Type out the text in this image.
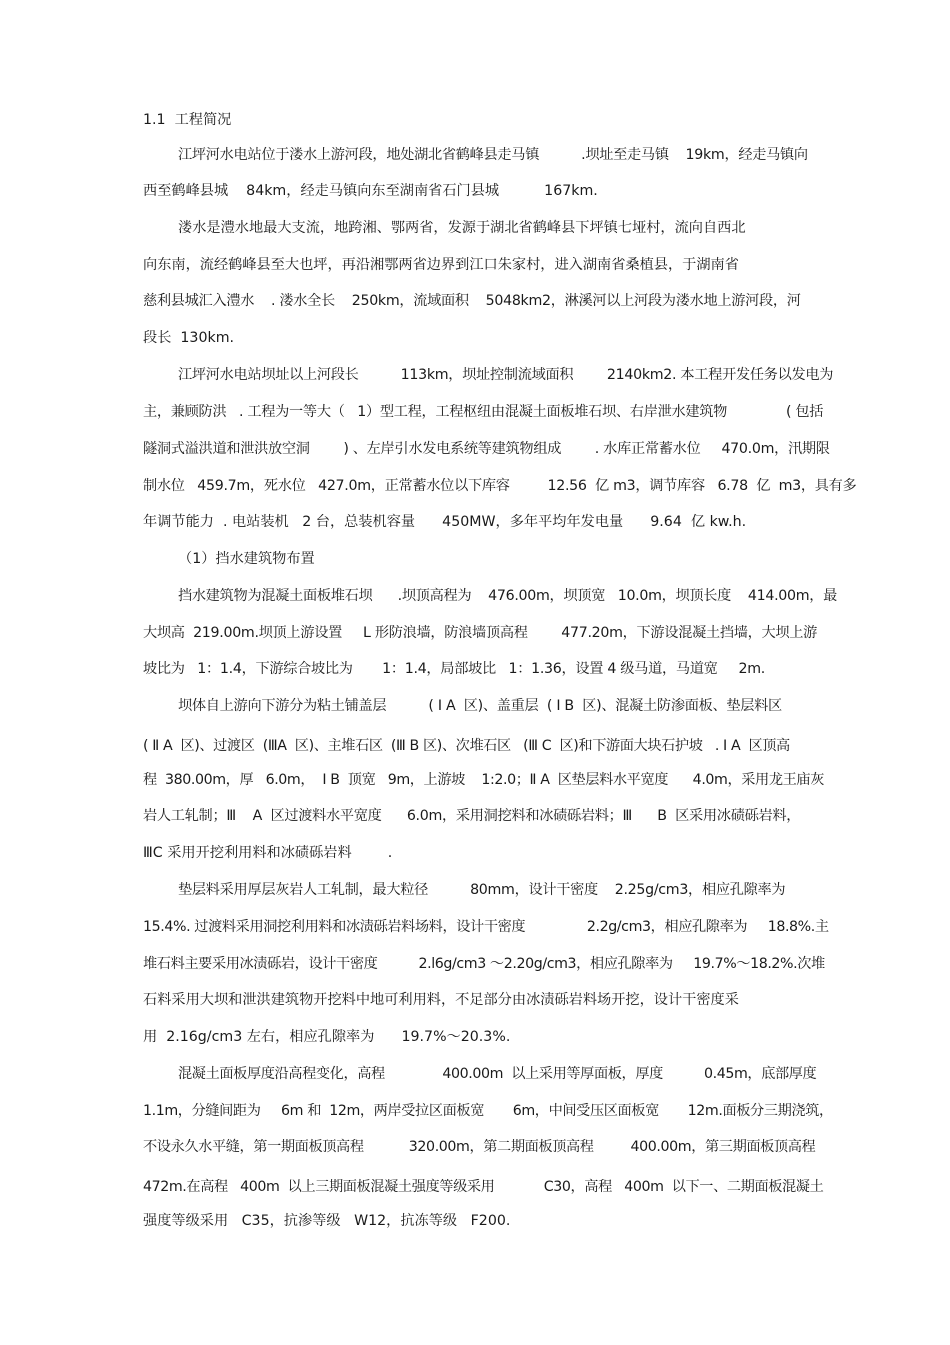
1.1  工程简况
江坪河水电站位于溇水上游河段，地处湖北省鹤峰县走马镇          .坝址至走马镇    19km，经走马镇向
西至鹤峰县城    84km，经走马镇向东至湖南省石门县城          167km.
溇水是澧水地最大支流，地跨湘、鄂两省，发源于湖北省鹤峰县下坪镇七垭村，流向自西北
向东南，流经鹤峰县至大也坪，再沿湘鄂两省边界到江口朱家村，进入湖南省桑植县，于湖南省
慈利县城汇入澧水    . 溇水全长    250km，流域面积    5048km2，淋溪河以上河段为溇水地上游河段，河
段长  130km.
江坪河水电站坝址以上河段长          113km，坝址控制流域面积        2140km2. 本工程开发任务以发电为
主，兼顾防洪   . 工程为一等大（   1）型工程，工程枢纽由混凝土面板堆石坝、右岸泄水建筑物              ( 包括
隧洞式溢洪道和泄洪放空洞        ) 、左岸引水发电系统等建筑物组成        . 水库正常蓄水位     470.0m，汛期限
制水位   459.7m，死水位   427.0m，正常蓄水位以下库容         12.56  亿 m3，调节库容   6.78  亿  m3，具有多
年调节能力  . 电站装机   2 台，总装机容量      450MW，多年平均年发电量      9.64  亿 kw.h.
（1）挡水建筑物布置
挡水建筑物为混凝土面板堆石坝      .坝顶高程为    476.00m，坝顶宽   10.0m，坝顶长度    414.00m，最
大坝高  219.00m.坝顶上游设置     L 形防浪墙，防浪墙顶高程        477.20m，下游设混凝土挡墙，大坝上游
坡比为   1：1.4，下游综合坡比为       1：1.4，局部坡比   1：1.36，设置 4 级马道，马道宽     2m.
坝体自上游向下游分为粘土铺盖层          ( Ⅰ A  区)、盖重层  ( Ⅰ B  区)、混凝土防渗面板、垫层料区
( Ⅱ A  区)、过渡区  (ⅢA  区)、主堆石区  (Ⅲ B 区)、次堆石区   (Ⅲ C  区)和下游面大块石护坡   . Ⅰ A  区顶高
程  380.00m，厚   6.0m，  Ⅰ B  顶宽   9m，上游坡    1:2.0；Ⅱ A  区垫层料水平宽度      4.0m，采用龙王庙灰
岩人工轧制；Ⅲ    A  区过渡料水平宽度      6.0m，采用洞挖料和冰碛砾岩料；Ⅲ      B  区采用冰碛砾岩料，
ⅢC 采用开挖利用料和冰碛砾岩料        .
垫层料采用厚层灰岩人工轧制，最大粒径          80mm，设计干密度    2.25g/cm3，相应孔隙率为
15.4%. 过渡料采用洞挖利用料和冰渍砾岩料场料，设计干密度               2.2g/cm3，相应孔隙率为     18.8%.主
堆石料主要采用冰渍砾岩，设计干密度          2.l6g/cm3 ～2.20g/cm3，相应孔隙率为     19.7%～18.2%.次堆
石料采用大坝和泄洪建筑物开挖料中地可利用料，不足部分由冰渍砾岩料场开挖，设计干密度采
用  2.16g/cm3 左右，相应孔隙率为      19.7%～20.3%.
混凝土面板厚度沿高程变化，高程              400.00m  以上采用等厚面板，厚度          0.45m，底部厚度
1.1m，分缝间距为     6m 和  12m，两岸受拉区面板宽       6m，中间受压区面板宽       12m.面板分三期浇筑，
不设永久水平缝，第一期面板顶高程           320.00m，第二期面板顶高程         400.00m，第三期面板顶高程
472m.在高程   400m  以上三期面板混凝土强度等级采用            C30，高程   400m  以下一、二期面板混凝土
强度等级采用   C35，抗渗等级   W12，抗冻等级   F200.
